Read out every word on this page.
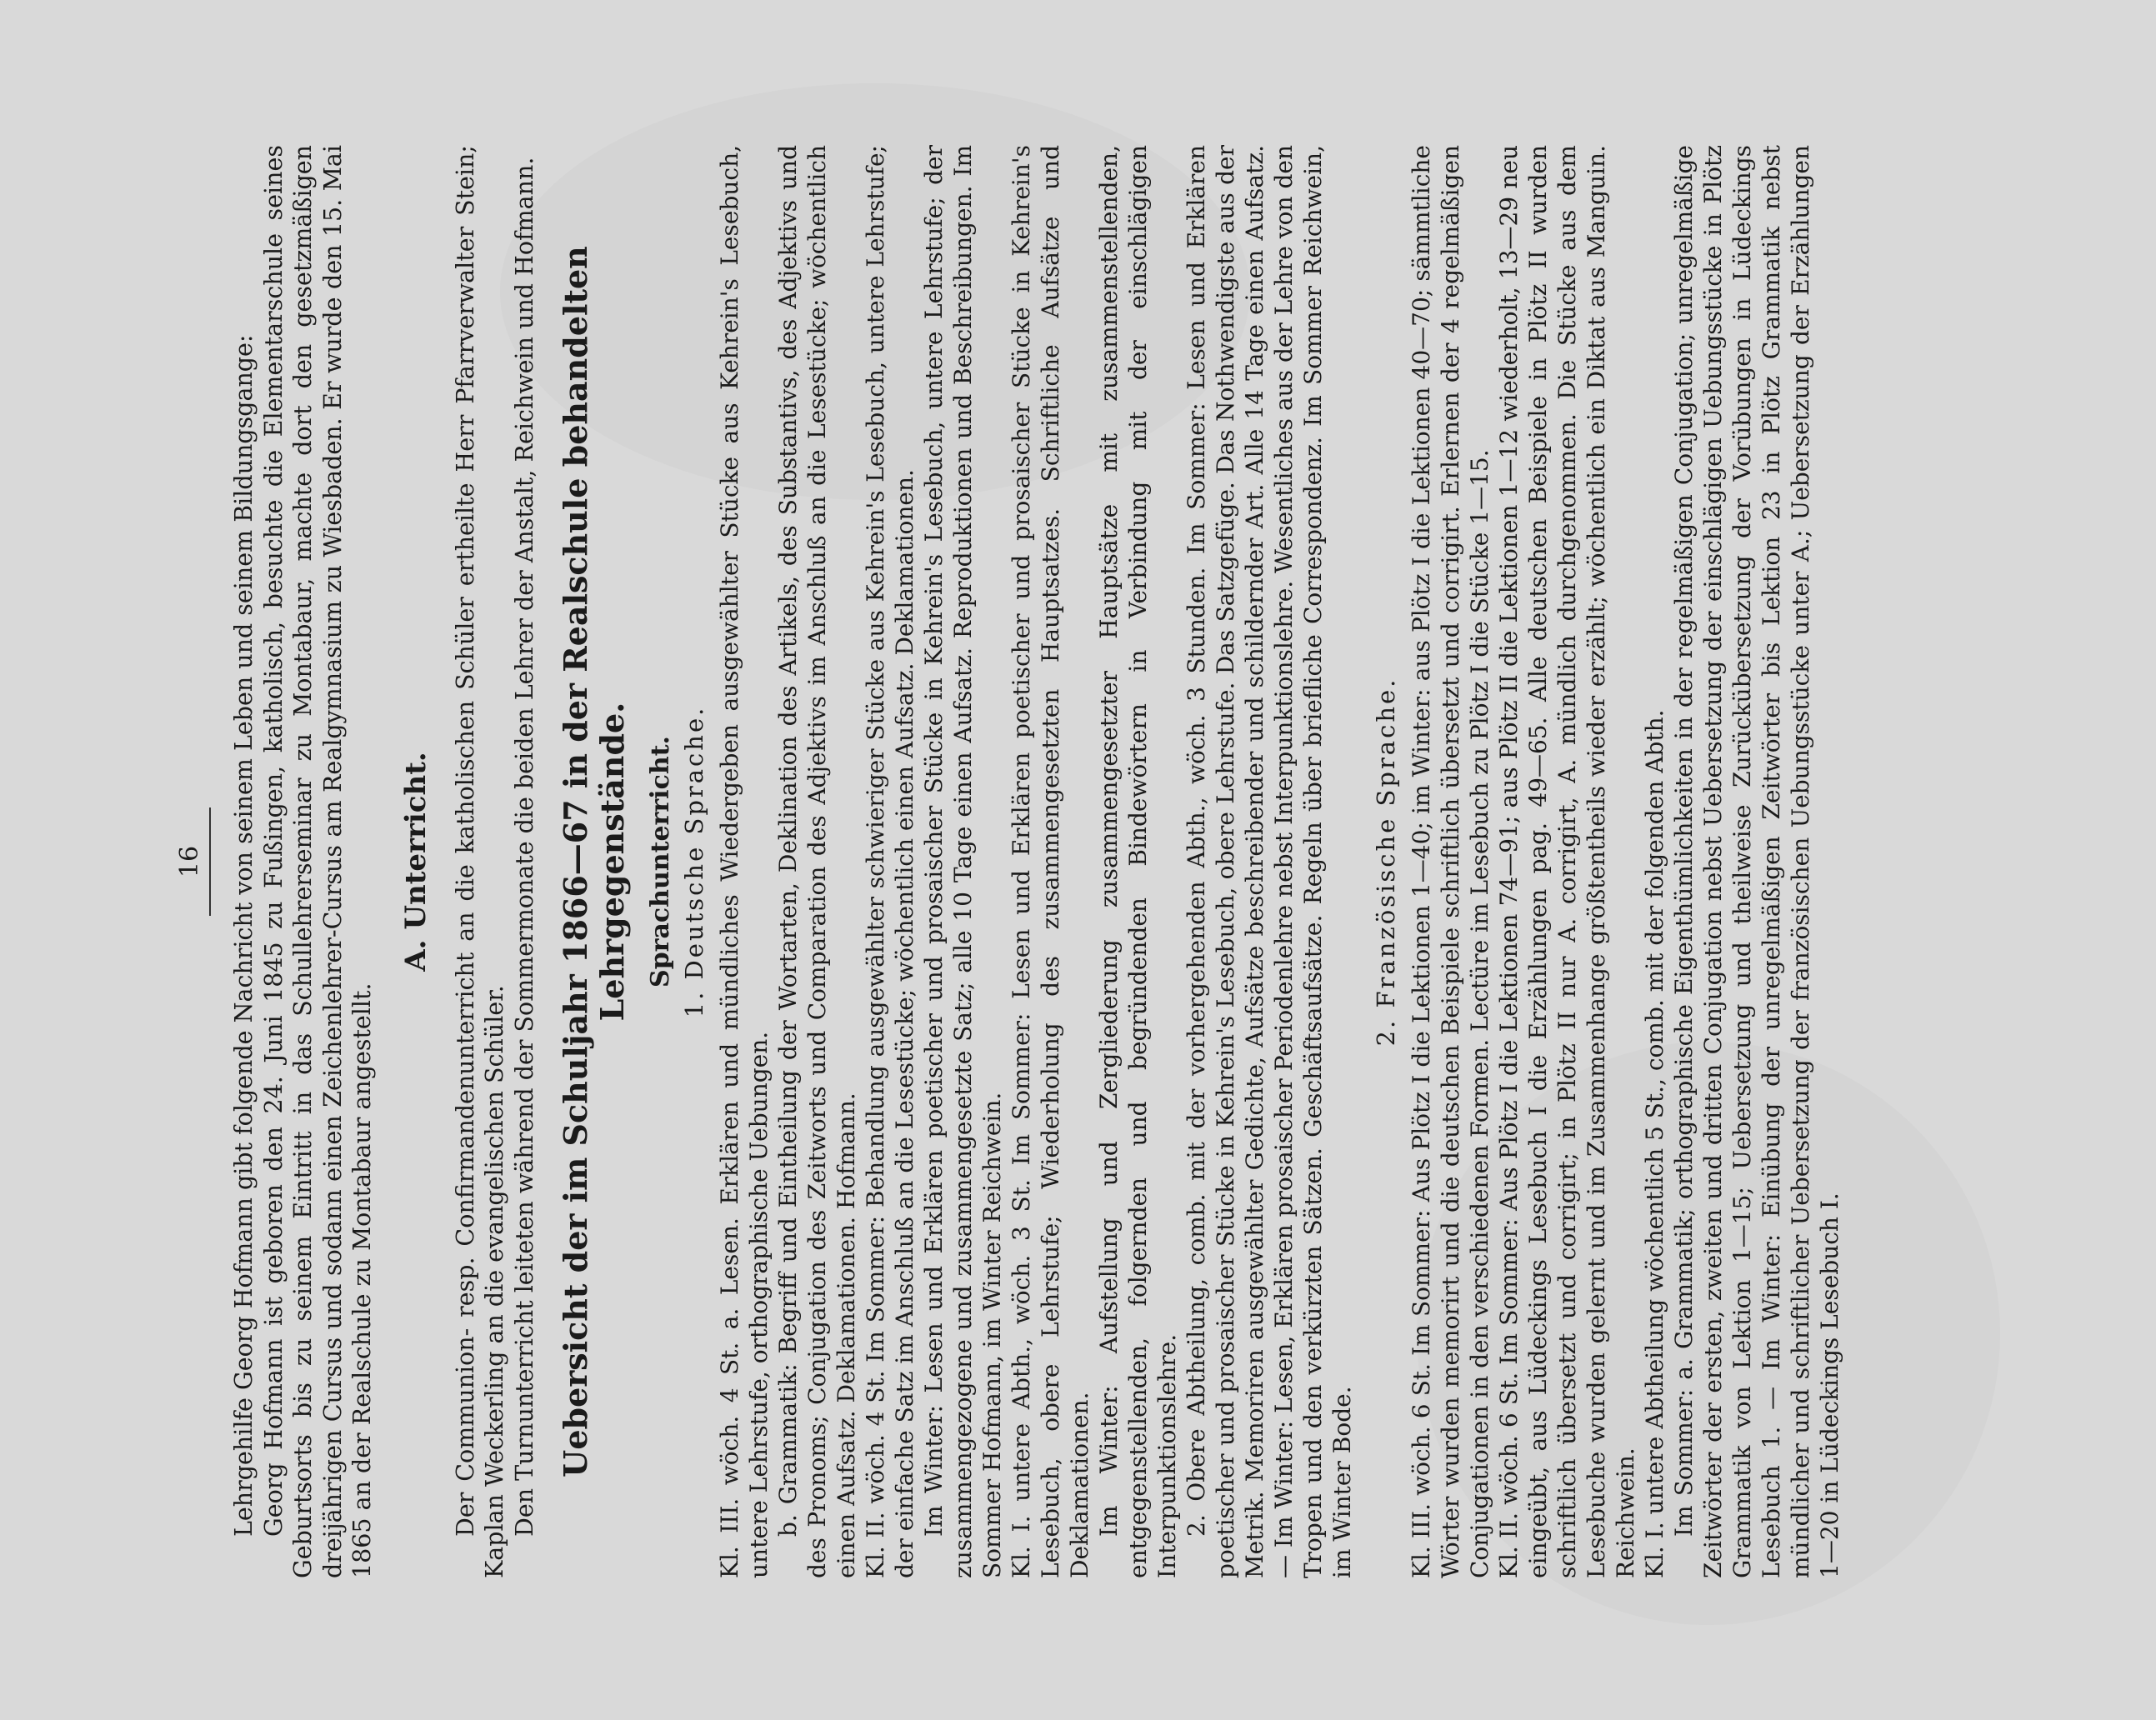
16 Lehrgehilfe Georg Hofmann gibt folgende Nachricht von seinem Leben und seinem Bildungsgange: Georg Hofmann ist geboren den 24. Juni 1845 zu Fußingen, katholisch, besuchte die Elementarschule seines Geburtsorts bis zu seinem Eintritt in das Schullehrerseminar zu Montabaur, machte dort den gesetzmäßigen dreijährigen Cursus und sodann einen Zeichenlehrer-Cursus am Realgymnasium zu Wiesbaden. Er wurde den 15. Mai 1865 an der Realschule zu Montabaur angestellt.

A. Unterricht. Der Communion- resp. Confirmandenunterricht an die katholischen Schüler ertheilte Herr Pfarrverwalter Stein; Kaplan Weckerling an die evangelischen Schüler. Den Turnunterricht leiteten während der Sommermonate die beiden Lehrer der Anstalt, Reichwein und Hofmann. Uebersicht der im Schuljahr 1866—67 in der Realschule behandelten Lehrgegenstände. Sprachunterricht. 1. Deutsche Sprache. Kl. III. wöch. 4 St. a. Lesen. Erklären und mündliches Wiedergeben ausgewählter Stücke aus Kehrein's Lesebuch, untere Lehrstufe, orthographische Uebungen. b. Grammatik: Begriff und Eintheilung der Wortarten, Deklination des Artikels, des Substantivs, des Adjektivs und des Pronoms; Conjugation des Zeitworts und Comparation des Adjektivs im Anschluß an die Lesestücke; wöchentlich einen Aufsatz. Deklamationen. Hofmann. Kl. II. wöch. 4 St. Im Sommer: Behandlung ausgewählter schwieriger Stücke aus Kehrein's Lesebuch, untere Lehrstufe; der einfache Satz im Anschluß an die Lesestücke; wöchentlich einen Aufsatz. Deklamationen. Im Winter: Lesen und Erklären poetischer und prosaischer Stücke in Kehrein's Lesebuch, untere Lehrstufe; der zusammengezogene und zusammengesetzte Satz; alle 10 Tage einen Aufsatz. Reproduktionen und Beschreibungen. Im Sommer Hofmann, im Winter Reichwein. Kl. I. untere Abth., wöch. 3 St. Im Sommer: Lesen und Erklären poetischer und prosaischer Stücke in Kehrein's Lesebuch, obere Lehrstufe; Wiederholung des zusammengesetzten Hauptsatzes. Schriftliche Aufsätze und Deklamationen. Im Winter: Aufstellung und Zergliederung zusammengesetzter Hauptsätze mit zusammenstellenden, entgegenstellenden, folgernden und begründenden Bindewörtern in Verbindung mit der einschlägigen Interpunktionslehre. 2. Obere Abtheilung, comb. mit der vorhergehenden Abth., wöch. 3 Stunden. Im Sommer: Lesen und Erklären poetischer und prosaischer Stücke in Kehrein's Lesebuch, obere Lehrstufe. Das Satzgefüge. Das Nothwendigste aus der Metrik. Memoriren ausgewählter Gedichte, Aufsätze beschreibender und schildernder Art. Alle 14 Tage einen Aufsatz. — Im Winter: Lesen, Erklären prosaischer Periodenlehre nebst Interpunktionslehre. Wesentliches aus der Lehre von den Tropen und den verkürzten Sätzen. Geschäftsaufsätze. Regeln über briefliche Correspondenz. Im Sommer Reichwein, im Winter Bode.

2. Französische Sprache. Kl. III. wöch. 6 St. Im Sommer: Aus Plötz I die Lektionen 1—40; im Winter: aus Plötz I die Lektionen 40—70; sämmtliche Wörter wurden memorirt und die deutschen Beispiele schriftlich übersetzt und corrigirt. Erlernen der 4 regelmäßigen Conjugationen in den verschiedenen Formen. Lectüre im Lesebuch zu Plötz I die Stücke 1—15. Kl. II. wöch. 6 St. Im Sommer: Aus Plötz I die Lektionen 74—91; aus Plötz II die Lektionen 1—12 wiederholt, 13—29 neu eingeübt, aus Lüdeckings Lesebuch I die Erzählungen pag. 49—65. Alle deutschen Beispiele in Plötz II wurden schriftlich übersetzt und corrigirt; in Plötz II nur A. corrigirt, A. mündlich durchgenommen. Die Stücke aus dem Lesebuche wurden gelernt und im Zusammenhange größtentheils wieder erzählt; wöchentlich ein Diktat aus Manguin. Reichwein. Kl. I. untere Abtheilung wöchentlich 5 St., comb. mit der folgenden Abth. Im Sommer: a. Grammatik; orthographische Eigenthümlichkeiten in der regelmäßigen Conjugation; unregelmäßige Zeitwörter der ersten, zweiten und dritten Conjugation nebst Uebersetzung der einschlägigen Uebungsstücke in Plötz Grammatik von Lektion 1—15; Uebersetzung und theilweise Zurückübersetzung der Vorübungen in Lüdeckings Lesebuch 1. — Im Winter: Einübung der unregelmäßigen Zeitwörter bis Lektion 23 in Plötz Grammatik nebst mündlicher und schriftlicher Uebersetzung der französischen Uebungsstücke unter A.; Uebersetzung der Erzählungen 1—20 in Lüdeckings Lesebuch I.
